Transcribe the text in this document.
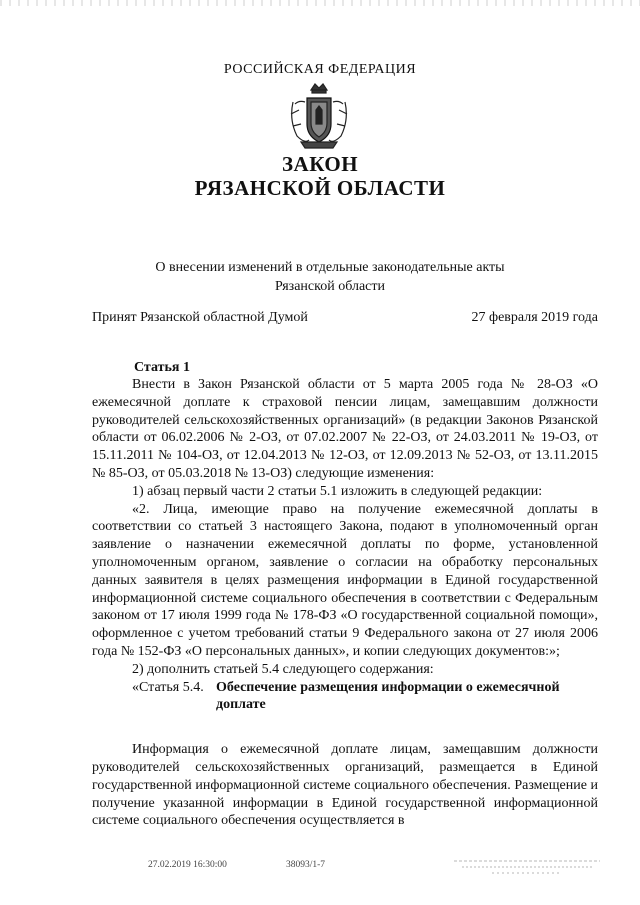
РОССИЙСКАЯ ФЕДЕРАЦИЯ
ЗАКОН
РЯЗАНСКОЙ ОБЛАСТИ
О внесении изменений в отдельные законодательные акты
Рязанской области
Принят Рязанской областной Думой	27 февраля 2019 года
Статья 1

Внести в Закон Рязанской области от 5 марта 2005 года № 28-ОЗ «О ежемесячной доплате к страховой пенсии лицам, замещавшим должности руководителей сельскохозяйственных организаций» (в редакции Законов Рязанской области от 06.02.2006 № 2-ОЗ, от 07.02.2007 № 22-ОЗ, от 24.03.2011 № 19-ОЗ, от 15.11.2011 № 104-ОЗ, от 12.04.2013 № 12-ОЗ, от 12.09.2013 № 52-ОЗ, от 13.11.2015 № 85-ОЗ, от 05.03.2018 № 13-ОЗ) следующие изменения:

1) абзац первый части 2 статьи 5.1 изложить в следующей редакции:

«2. Лица, имеющие право на получение ежемесячной доплаты в соответствии со статьей 3 настоящего Закона, подают в уполномоченный орган заявление о назначении ежемесячной доплаты по форме, установленной уполномоченным органом, заявление о согласии на обработку персональных данных заявителя в целях размещения информации в Единой государственной информационной системе социального обеспечения в соответствии с Федеральным законом от 17 июля 1999 года № 178-ФЗ «О государственной социальной помощи», оформленное с учетом требований статьи 9 Федерального закона от 27 июля 2006 года № 152-ФЗ «О персональных данных», и копии следующих документов:»;

2) дополнить статьей 5.4 следующего содержания:

«Статья 5.4. Обеспечение размещения информации о ежемесячной доплате

Информация о ежемесячной доплате лицам, замещавшим должности руководителей сельскохозяйственных организаций, размещается в Единой государственной информационной системе социального обеспечения. Размещение и получение указанной информации в Единой государственной информационной системе социального обеспечения осуществляется в

27.02.2019 16:30:00	38093/1-7
